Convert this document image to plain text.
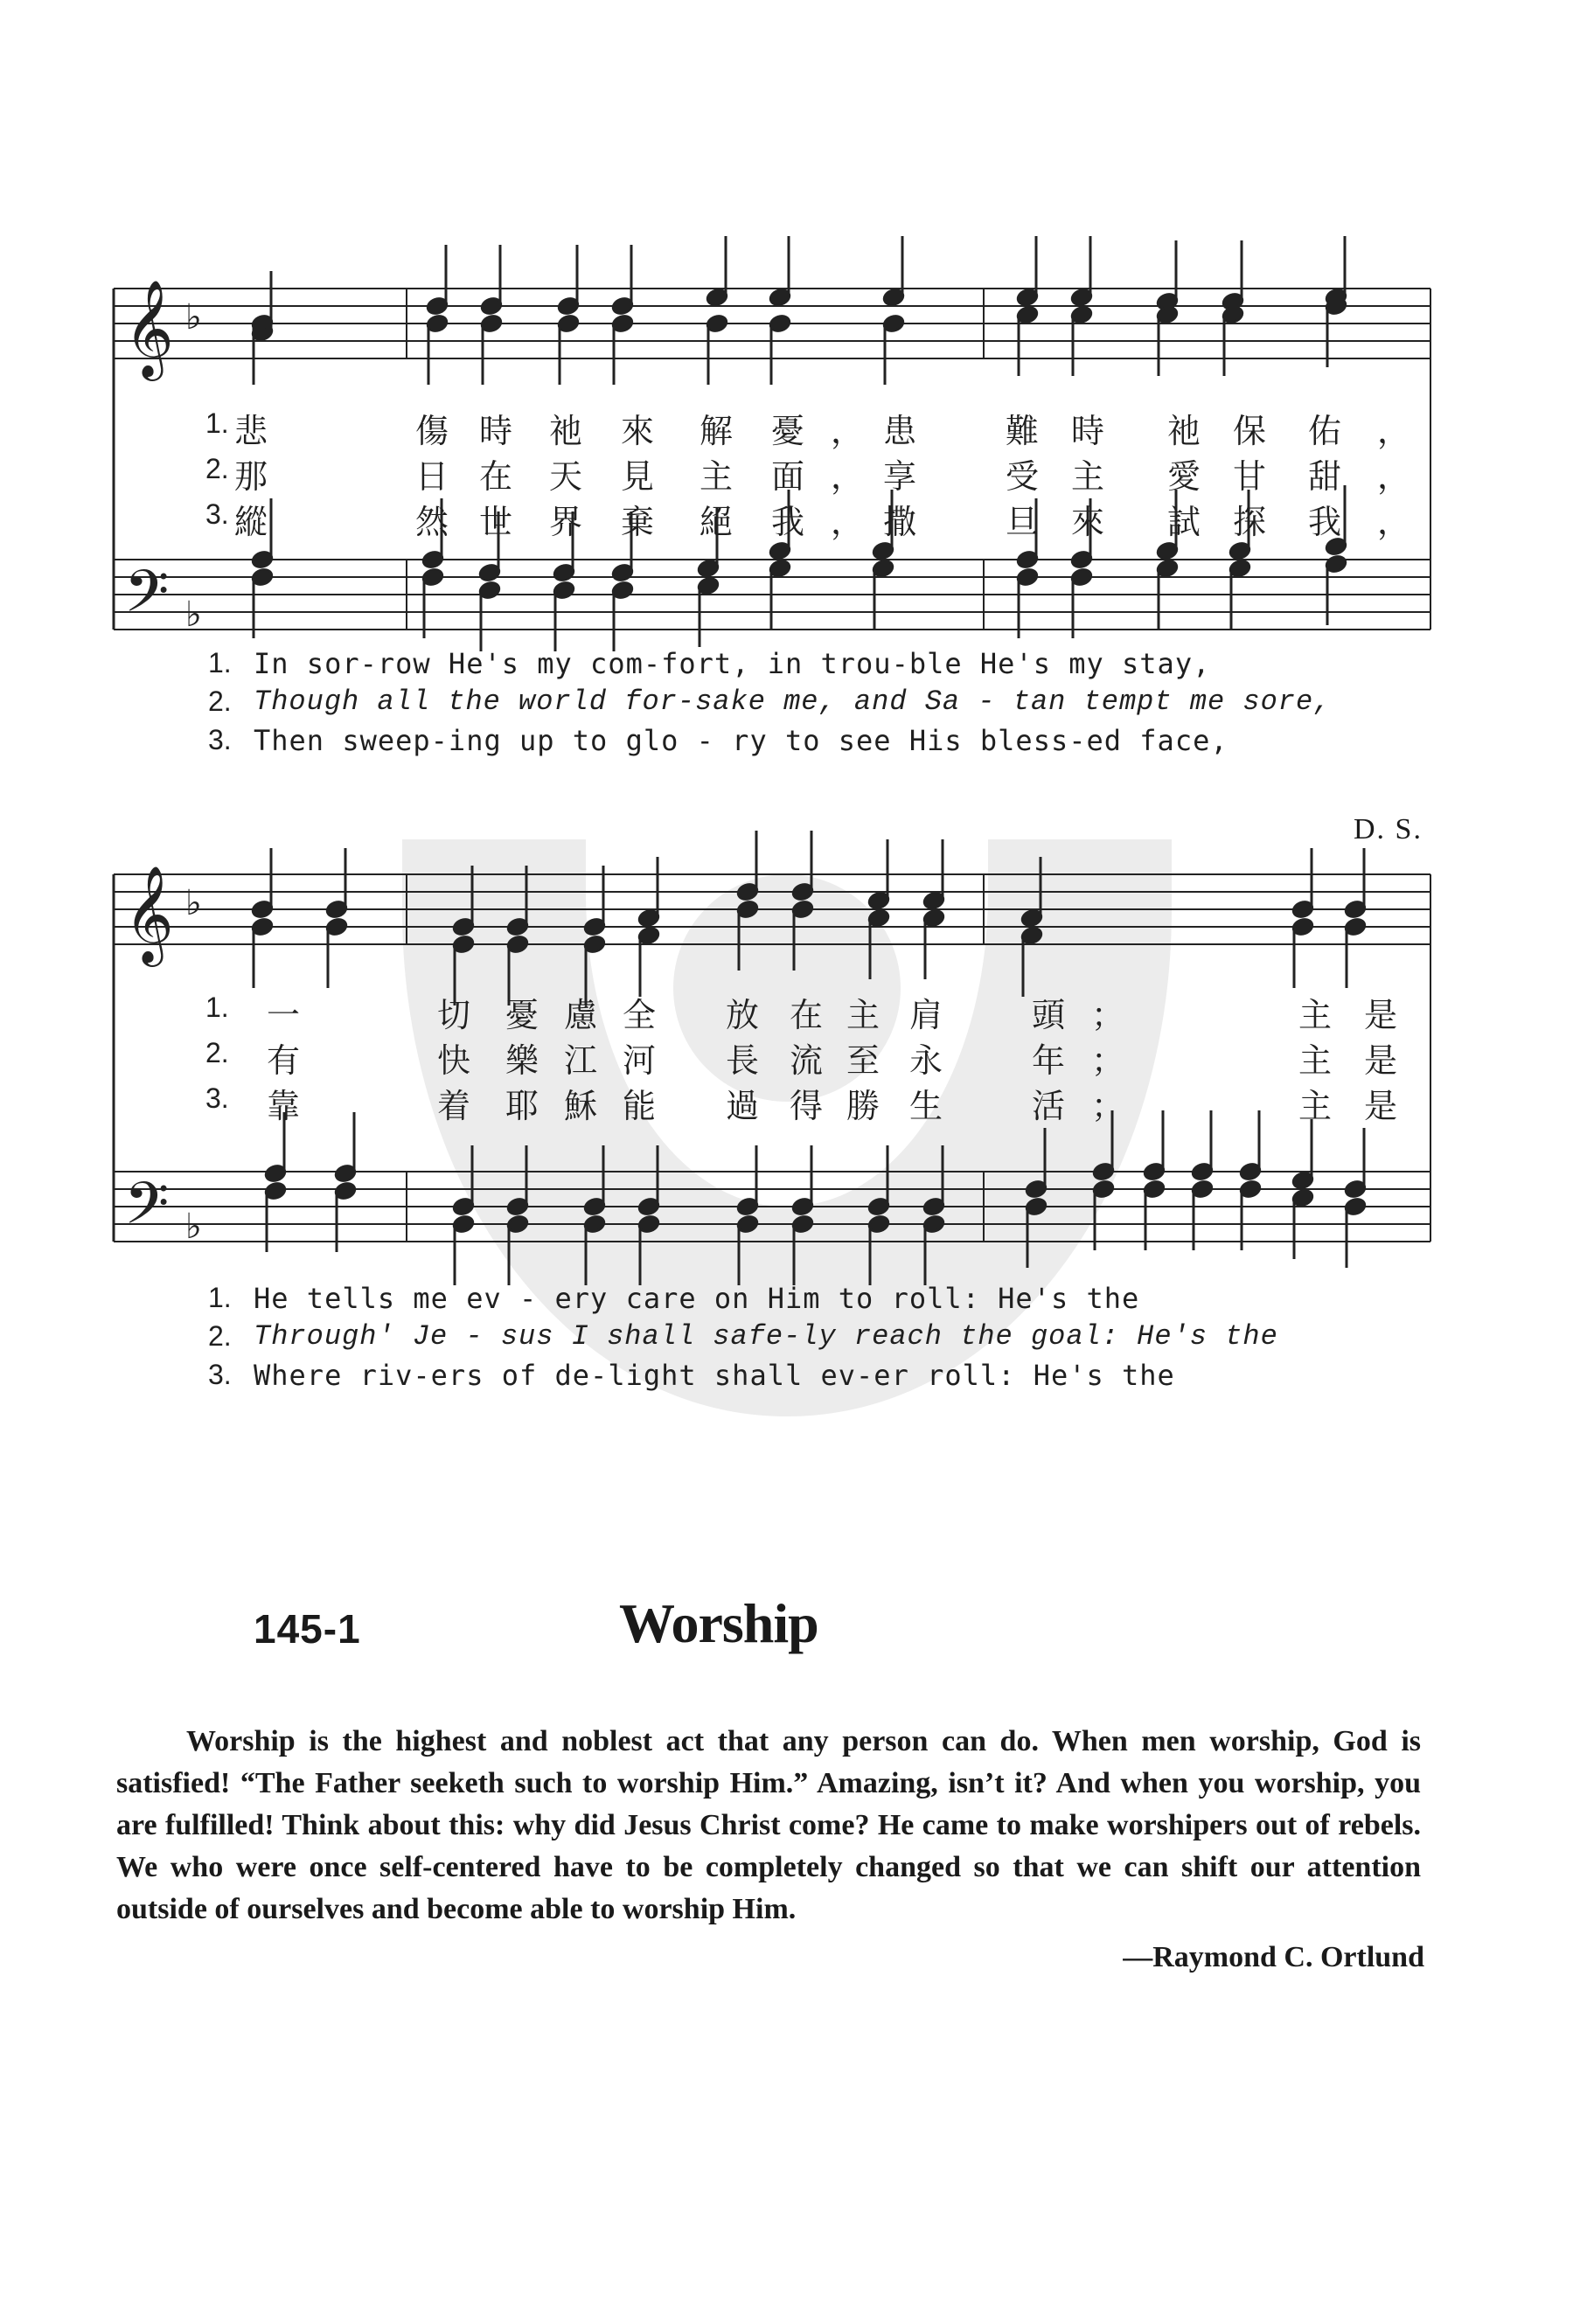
𝄞
𝄢
𝄞
𝄢
♭
♭
♭
♭
D. S.
1. 悲	傷 時 祂 來 解 憂 ， 患	難 時 祂 保 佑 ，
2. 那	日 在 天 見 主 面 ， 享	受 主 愛 甘 甜 ，
3. 縱	然 世 界 棄 絕 我 ， 撒	旦 來 試 探 我 ，
1. In sor-row He's my com-fort, in trou-ble He's my stay,
2. Though all the world for-sake me, and Sa - tan tempt me sore,
3. Then sweep-ing up to glo - ry to see His bless-ed face,
1. 一	切 憂 慮 全 放 在 主 肩	頭 ；	主 是
2. 有	快 樂 江 河 長 流 至 永	年 ；	主 是
3. 靠	着 耶 穌 能 過 得 勝 生	活 ；	主 是
1. He tells me ev - ery care on Him to roll: He's the
2. Through' Je - sus I shall safe-ly reach the goal: He's the
3. Where riv-ers of de-light shall ev-er roll: He's the
145-1	Worship
Worship is the highest and noblest act that any person can do. When men worship, God is satisfied! “The Father seeketh such to worship Him.” Amazing, isn’t it? And when you worship, you are fulfilled! Think about this: why did Jesus Christ come? He came to make worshipers out of rebels. We who were once self-centered have to be completely changed so that we can shift our attention outside of ourselves and become able to worship Him.
—Raymond C. Ortlund
